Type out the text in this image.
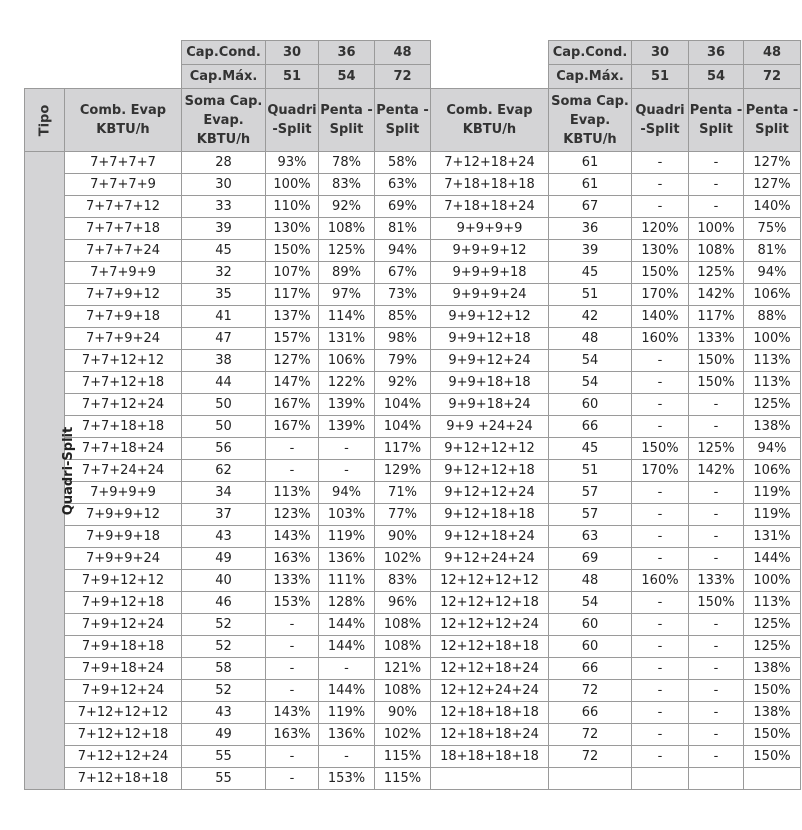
		Cap.Cond.	30	36	48		Cap.Cond.	30	36	48
		Cap.Máx.	51	54	72		Cap.Máx.	51	54	72
Tipo	Comb. Evap KBTU/h	Soma Cap. Evap. KBTU/h	Quadri -Split	Penta -Split	Penta -Split	Comb. Evap KBTU/h	Soma Cap. Evap. KBTU/h	Quadri -Split	Penta -Split	Penta -Split
Quadri-Split	7+7+7+7	28	93%	78%	58%	7+12+18+24	61	-	-	127%
	7+7+7+9	30	100%	83%	63%	7+18+18+18	61	-	-	127%
	7+7+7+12	33	110%	92%	69%	7+18+18+24	67	-	-	140%
	7+7+7+18	39	130%	108%	81%	9+9+9+9	36	120%	100%	75%
	7+7+7+24	45	150%	125%	94%	9+9+9+12	39	130%	108%	81%
	7+7+9+9	32	107%	89%	67%	9+9+9+18	45	150%	125%	94%
	7+7+9+12	35	117%	97%	73%	9+9+9+24	51	170%	142%	106%
	7+7+9+18	41	137%	114%	85%	9+9+12+12	42	140%	117%	88%
	7+7+9+24	47	157%	131%	98%	9+9+12+18	48	160%	133%	100%
	7+7+12+12	38	127%	106%	79%	9+9+12+24	54	-	150%	113%
	7+7+12+18	44	147%	122%	92%	9+9+18+18	54	-	150%	113%
	7+7+12+24	50	167%	139%	104%	9+9+18+24	60	-	-	125%
	7+7+18+18	50	167%	139%	104%	9+9 +24+24	66	-	-	138%
	7+7+18+24	56	-	-	117%	9+12+12+12	45	150%	125%	94%
	7+7+24+24	62	-	-	129%	9+12+12+18	51	170%	142%	106%
	7+9+9+9	34	113%	94%	71%	9+12+12+24	57	-	-	119%
	7+9+9+12	37	123%	103%	77%	9+12+18+18	57	-	-	119%
	7+9+9+18	43	143%	119%	90%	9+12+18+24	63	-	-	131%
	7+9+9+24	49	163%	136%	102%	9+12+24+24	69	-	-	144%
	7+9+12+12	40	133%	111%	83%	12+12+12+12	48	160%	133%	100%
	7+9+12+18	46	153%	128%	96%	12+12+12+18	54	-	150%	113%
	7+9+12+24	52	-	144%	108%	12+12+12+24	60	-	-	125%
	7+9+18+18	52	-	144%	108%	12+12+18+18	60	-	-	125%
	7+9+18+24	58	-	-	121%	12+12+18+24	66	-	-	138%
	7+9+12+24	52	-	144%	108%	12+12+24+24	72	-	-	150%
	7+12+12+12	43	143%	119%	90%	12+18+18+18	66	-	-	138%
	7+12+12+18	49	163%	136%	102%	12+18+18+24	72	-	-	150%
	7+12+12+24	55	-	-	115%	18+18+18+18	72	-	-	150%
	7+12+18+18	55	-	153%	115%					
